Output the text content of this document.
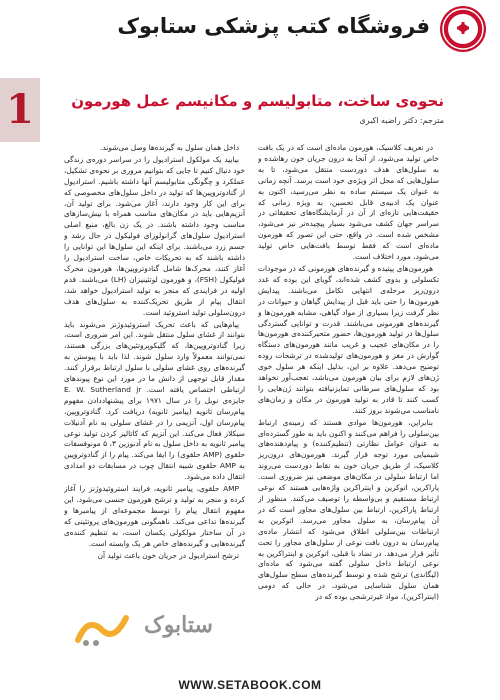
فروشگاه کتب پزشکی ستابوک
1	نحوه‌ی ساخت، متابولیسم و مکانیسم عمل هورمون
مترجم: دکتر راضیه اکبری

در تعریف کلاسیک، هورمون ماده‌ای است که در یک بافت خاص تولید می‌شود، از آنجا به درون جریان خون رهاشده و به سلول‌های هدف دوردست منتقل می‌شود، تا به سلول‌هایی که محل اثر ویژه‌ی خود است برسد. آنچه زمانی به عنوان یک سیستم ساده به نظر می‌رسید، اکنون به عنوان یک ادبیه‌ی قابل تحسین، به ویژه زمانی که حقیقت‌هایی تازه‌ای از آن در آزمایشگاه‌های تحقیقاتی در سراسر جهان کشف می‌شود بسیار پیچیده‌تر نیز می‌شود، مشخص شده است. در واقع، حتی این تصور که هورمون ماده‌ای است که فقط توسط بافت‌هایی خاص تولید می‌شود، مورد اختلاف است.

هورمون‌های پپتیده و گیرنده‌های هورمونی که در موجودات تکسلولی و بدوی کشف شده‌اند، گویای این بوده که غدد درون‌ریز مرحله‌ی انتهایی تکامل می‌باشند. پیدایش هورمون‌ها را حتی باید قبل از پیدایش گیاهان و حیوانات در نظر گرفت زیرا بسیاری از مواد گیاهی، مشابه هورمون‌ها و گیرنده‌های هورمونی می‌باشند. قدرت و توانایی گستردگی سلول‌ها در تولید هورمون‌ها، حضور متحیرکننده‌ی هورمون‌ها را در مکان‌های عجیب و غریب مانند هورمون‌های دستگاه گوارش در مغز و هورمون‌های تولیدشده در ترشحات روده توضیح می‌دهد. علاوه بر این، بدلیل اینکه هر سلول خوی ژن‌های لازم برای بیان هورمون می‌باشد، تعجب‌آور نخواهد بود که سلول‌های سرطانی تمایزنیافته بتوانند ژن‌هایی را کسب کنند تا قادر به تولید هورمون در مکان و زمان‌های نامناسب می‌شوند بروز کنند.

بنابراین، هورمون‌ها موادی هستند که زمینه‌ی ارتباط بین‌سلولی را فراهم می‌کنند و اکنون باید به طور گسترده‌ای به عنوان عوامل نظارتی (تنظیم‌کننده) و پیام‌دهنده‌های شیمیایی مورد توجه قرار گیرند. هورمون‌های درون‌ریز کلاسیک، از طریق جریان خون به نقاط دوردست می‌روند اما ارتباط سلولی در مکان‌های موضعی نیز ضروری است. پاراکرین، اتوکرین و اینتراکرین واژه‌هایی هستند که نوعی ارتباط مستقیم و بی‌واسطه را توصیف می‌کنند. منظور از ارتباط پاراکرین، ارتباط بین سلول‌های مجاور است که در آن پیام‌رسان، به سلول مجاور می‌رسد. اتوکرین به ارتباطات بین‌سلولی اطلاق می‌شود که انتشار ماده‌ی پیام‌رسان به درون بافت نوعی از سلول‌های مجاور را تحت تأثیر قرار می‌دهد. در تضاد با قبلی، اتوکرین و اینتراکرین به نوعی ارتباط داخل سلولی گفته می‌شود که ماده‌ای (لیگاندی) ترشح شده و توسط گیرنده‌های سطح سلول‌های همان سلول شناسایی می‌شود، در حالی که دومی (اینتراکرین)، مواد غیرترشحی بوده که در

داخل همان سلول به گیرنده‌ها وصل می‌شوند.

بیایید یک مولکول استرادیول را در سراسر دوره‌ی زندگی خود دنبال کنیم تا جایی که بتوانیم مروری بر نحوه‌ی تشکیل، عملکرد و چگونگی متابولیسم آنها داشته باشیم. استرادیول از گنادوتروپین‌ها که تولید در داخل سلول‌های مخصوصی که برای این کار وجود دارند، آغاز می‌شود. برای تولید آن، آنزیم‌هایی باید در مکان‌های مناسب همراه با بیش‌سازهای مناسب وجود داشته باشند. در یک زن بالغ، منبع اصلی استرادیول سلول‌های گرانولوزای فولیکول در حال رشد و جسم زرد می‌باشند. برای اینکه این سلول‌ها این توانایی را داشته باشند که به تحریکات خاص، ساخت استرادیول را آغاز کنند، محرک‌ها شامل گنادوتروپین‌ها، هورمون محرک فولیکول (FSH)، و هورمون لوتئینیزان (LH) می‌باشند. قدم اولیه در فرایندی که منجر به تولید استرادیول خواهد شد، انتقال پیام از طریق تحریک‌کننده به سلول‌های هدف درون‌سلولی تولید استروئید است.

پیام‌هایی که باعث تحریک استروئیدوژنز می‌شوند باید بتوانند از غشای سلول منتقل شوند. این امر ضروری است، زیرا گنادوتروپین‌ها، که گلیکوپروتئین‌های بزرگی هستند، نمی‌توانند معمولاً وارد سلول شوند. لذا باید با پیوستن به گیرنده‌های روی غشای سلولی با سلول ارتباط برقرار کنند. مقدار قابل توجهی از دانش ما در مورد این نوع پیوندهای ارتباطی اختصاص یافته است. E. W. Sutherland jr جایزه‌ی نوبل را در سال ۱۹۷۱ برای پیشنهاد‌دادن مفهوم پیام‌رسان ثانویه (پیامبر ثانویه) دریافت کرد. گنادوتروپین، پیام‌رسان اول، آنزیمی را در غشای سلولی به نام آدنیلات سیکلاز فعال می‌کند. این آنزیم که کاتالیز کردن تولید نوعی پیامبر ثانویه به داخل سلول به نام آدنوزین ۳، ۵ مونوفسفات حلقوی (AMP حلقوی) را ایفا می‌کند. پیام را از گنادوتروپین به AMP حلقوی شبیه انتقال چوب در مسابقات دو امدادی انتقال داده می‌شود.

AMP حلقوی، پیامبر ثانویه، فرایند استروئیدوژنز را آغاز کرده و منجر به تولید و ترشح هورمون جنسی می‌شود. این مفهوم انتقال پیام را توسط مجموعه‌ای از پیامبرها و گیرنده‌ها تداعی می‌کند. ناهمگونی هورمون‌های پروتئینی که در آن ساختار مولکولی یکسان است، به تنظیم کننده‌ی گیرنده‌هایی و گیرنده‌های خاص هر یک وابسته است.

ترشح استرادیول در جریان خون باعث تولید آن

ستابوک
WWW.SETABOOK.COM
